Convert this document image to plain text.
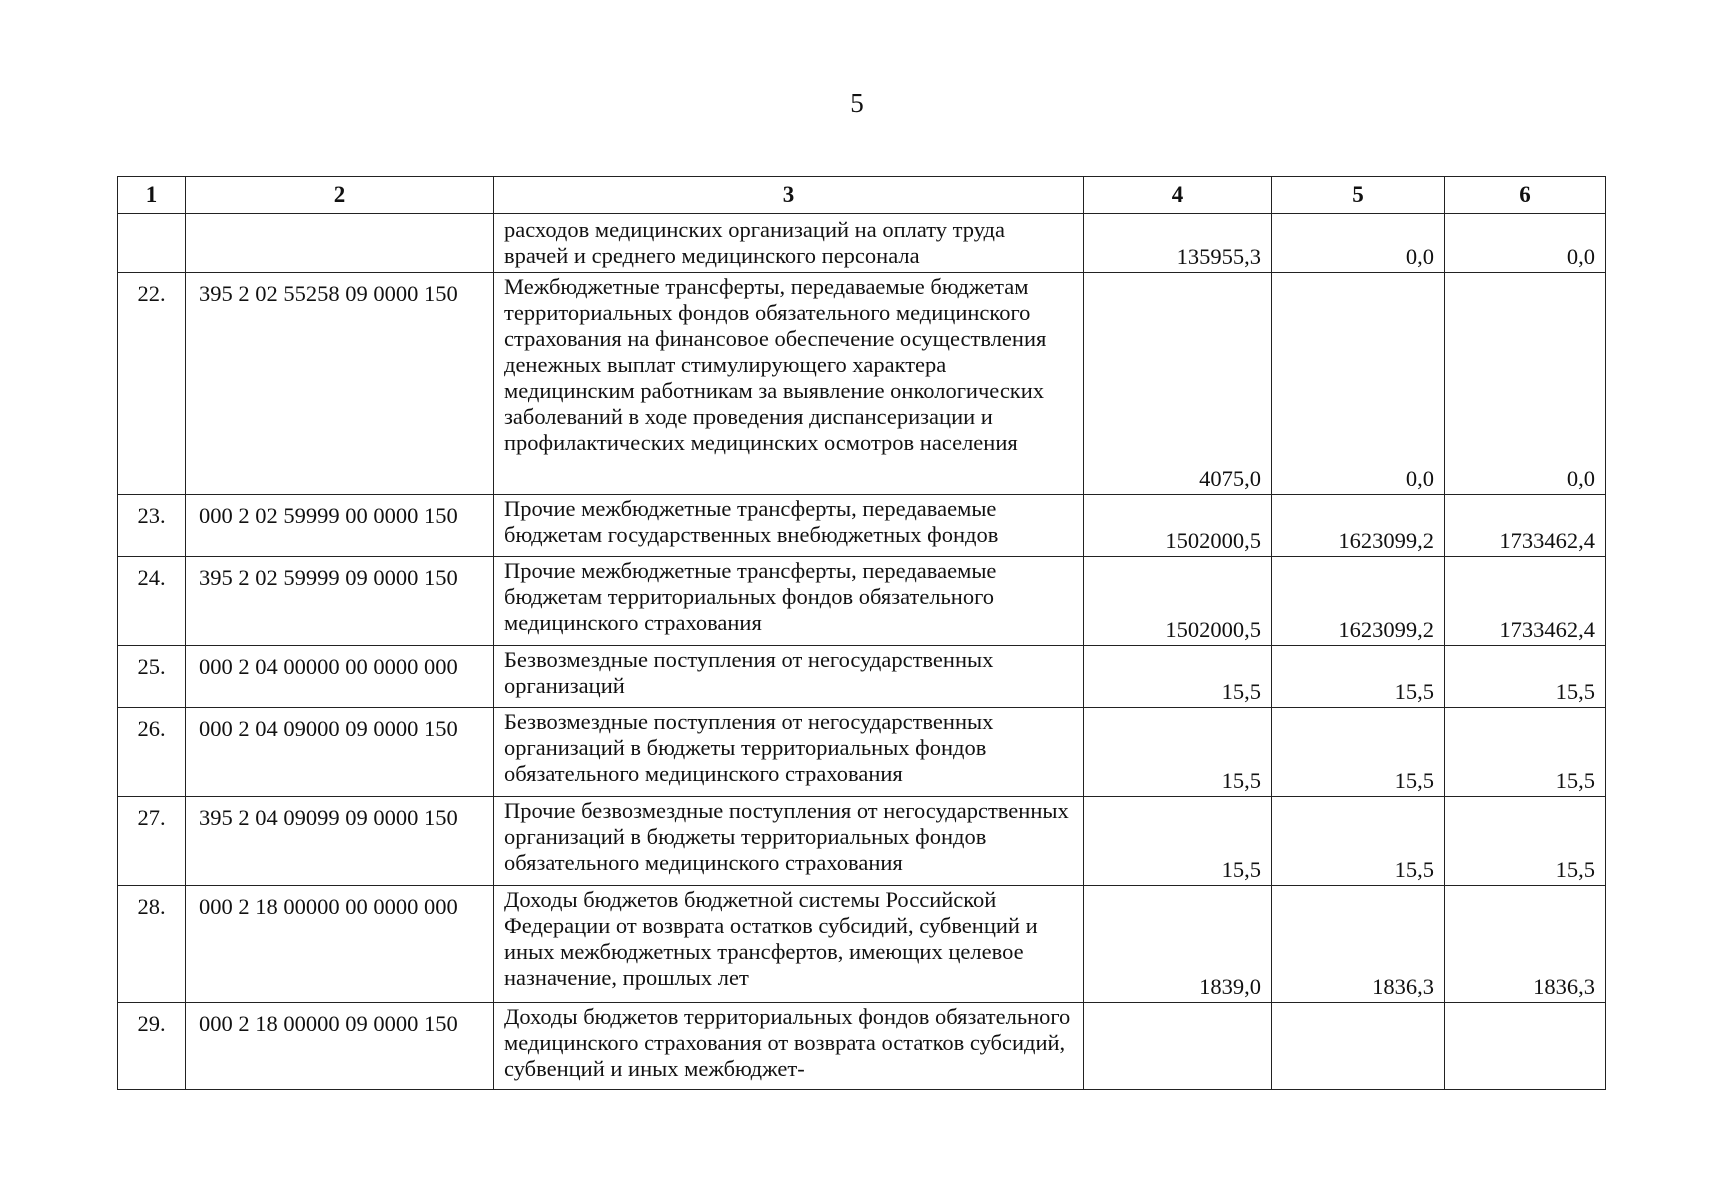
5
1	2	3	4	5	6
		расходов медицинских организаций на оплату труда врачей и среднего медицинского персонала	135955,3	0,0	0,0
22.	395 2 02 55258 09 0000 150	Межбюджетные трансферты, передаваемые бюджетам территориальных фондов обязательного медицинского страхования на финансовое обеспечение осуществления денежных выплат стимулирующего характера медицинским работникам за выявление онкологических заболеваний в ходе проведения диспансеризации и профилактических медицинских осмотров населения	4075,0	0,0	0,0
23.	000 2 02 59999 00 0000 150	Прочие межбюджетные трансферты, передаваемые бюджетам государственных внебюджетных фондов	1502000,5	1623099,2	1733462,4
24.	395 2 02 59999 09 0000 150	Прочие межбюджетные трансферты, передаваемые бюджетам территориальных фондов обязательного медицинского страхования	1502000,5	1623099,2	1733462,4
25.	000 2 04 00000 00 0000 000	Безвозмездные поступления от негосударственных организаций	15,5	15,5	15,5
26.	000 2 04 09000 09 0000 150	Безвозмездные поступления от негосударственных организаций в бюджеты территориальных фондов обязательного медицинского страхования	15,5	15,5	15,5
27.	395 2 04 09099 09 0000 150	Прочие безвозмездные поступления от негосударственных организаций в бюджеты территориальных фондов обязательного медицинского страхования	15,5	15,5	15,5
28.	000 2 18 00000 00 0000 000	Доходы бюджетов бюджетной системы Российской Федерации от возврата остатков субсидий, субвенций и иных межбюджетных трансфертов, имеющих целевое назначение, прошлых лет	1839,0	1836,3	1836,3
29.	000 2 18 00000 09 0000 150	Доходы бюджетов территориальных фондов обязательного медицинского страхования от возврата остатков субсидий, субвенций и иных межбюджет-			
